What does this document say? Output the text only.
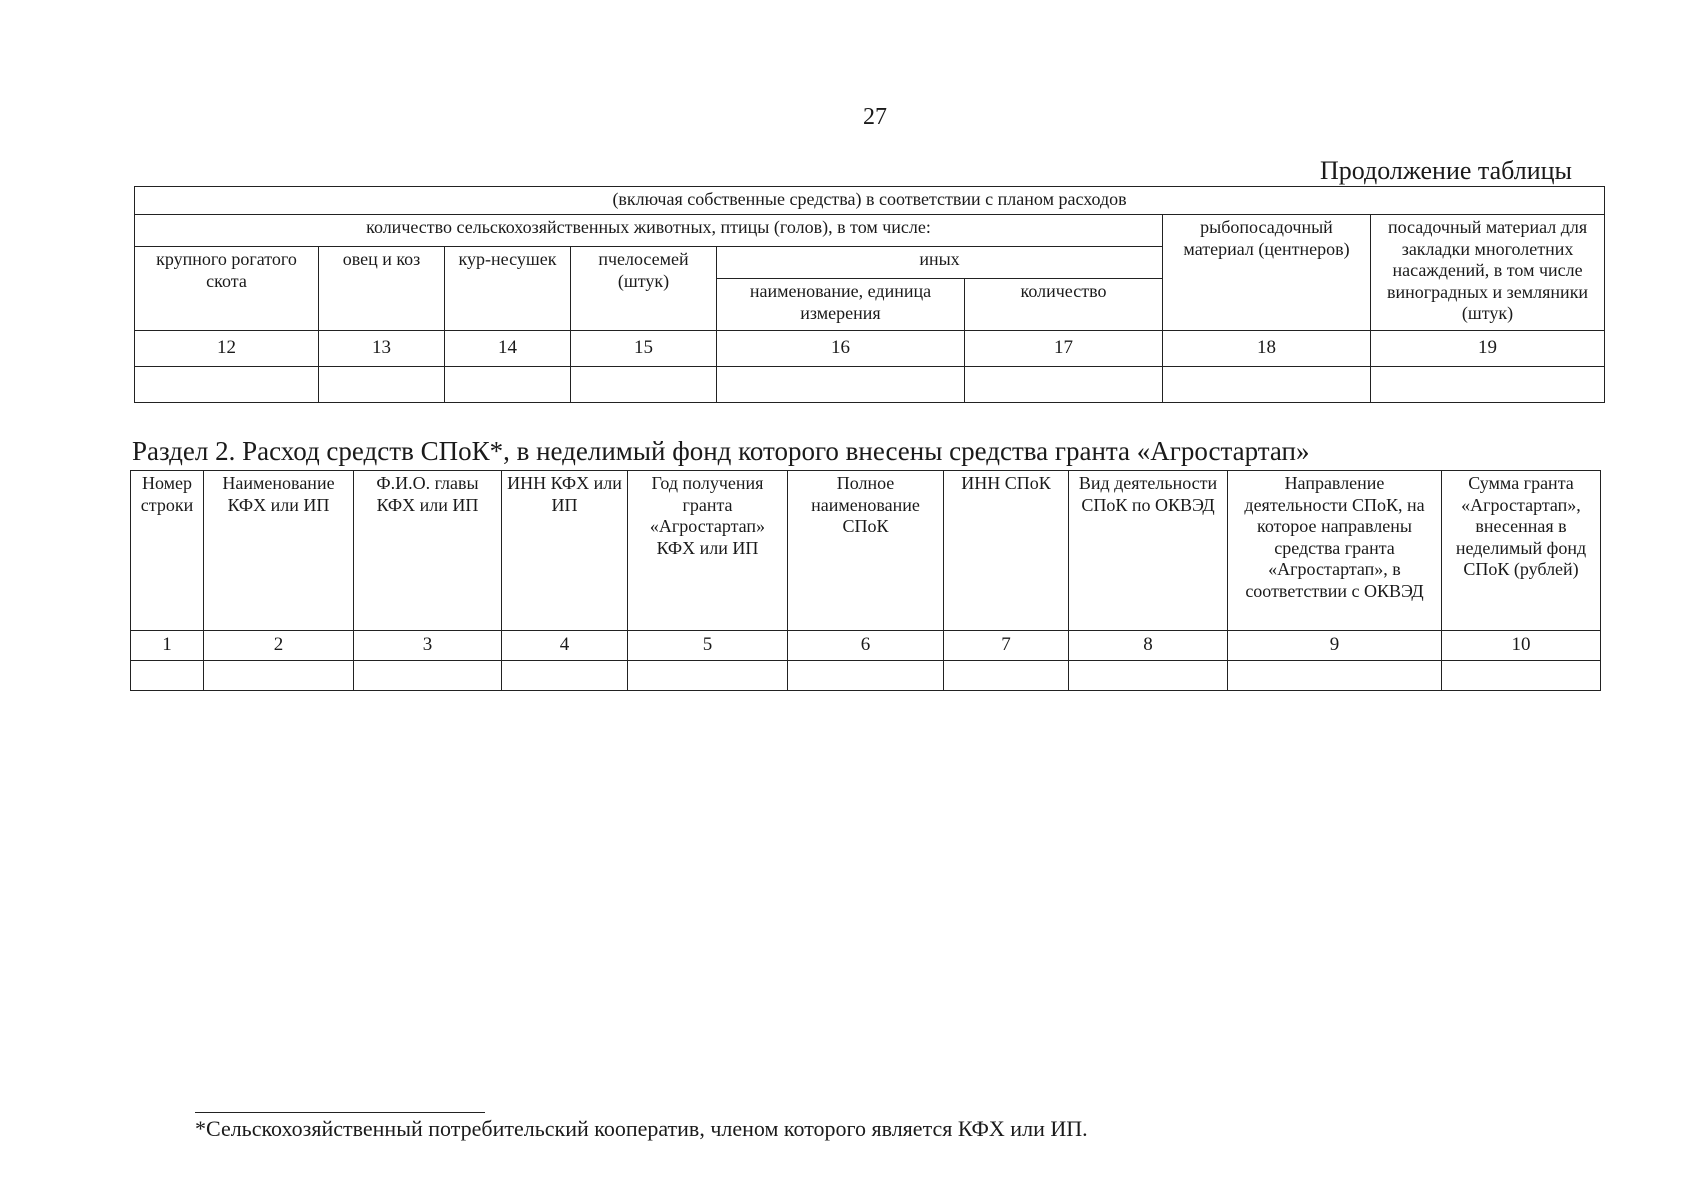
27
Продолжение таблицы
(включая собственные средства) в соответствии с планом расходов							
количество сельскохозяйственных животных, птицы (голов), в том числе:						рыбопосадочный материал (центнеров)	посадочный материал для закладки многолетних насаждений, в том числе виноградных и земляники (штук)
крупного рогатого скота	овец и коз	кур-несушек	пчелосемей (штук)	иных			
				наименование, единица измерения	количество		
12	13	14	15	16	17	18	19

Раздел 2. Расход средств СПоК*, в неделимый фонд которого внесены средства гранта «Агростартап»
Номер строки	Наименование КФХ или ИП	Ф.И.О. главы КФХ или ИП	ИНН КФХ или ИП	Год получения гранта «Агростартап» КФХ или ИП	Полное наименование СПоК	ИНН СПоК	Вид деятельности СПоК по ОКВЭД	Направление деятельности СПоК, на которое направлены средства гранта «Агростартап», в соответствии с ОКВЭД	Сумма гранта «Агростартап», внесенная в неделимый фонд СПоК (рублей)
1	2	3	4	5	6	7	8	9	10

*Сельскохозяйственный потребительский кооператив, членом которого является КФХ или ИП.
